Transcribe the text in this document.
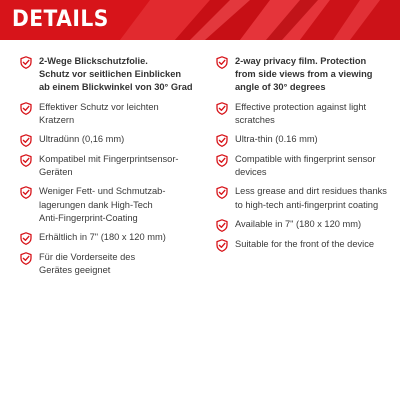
DETAILS
2-Wege Blickschutzfolie.
Schutz vor seitlichen Einblicken
ab einem Blickwinkel von 30° Grad
Effektiver Schutz vor leichten
Kratzern
Ultradünn (0,16 mm)
Kompatibel mit Fingerprintsensor-
Geräten
Weniger Fett- und Schmutzab-
lagerungen dank High-Tech
Anti-Fingerprint-Coating
Erhältlich in 7" (180 x 120 mm)
Für die Vorderseite des
Gerätes geeignet
2-way privacy film. Protection
from side views from a viewing
angle of 30° degrees
Effective protection against light
scratches
Ultra-thin (0.16 mm)
Compatible with fingerprint sensor
devices
Less grease and dirt residues thanks
to high-tech anti-fingerprint coating
Available in 7" (180 x 120 mm)
Suitable for the front of the device
